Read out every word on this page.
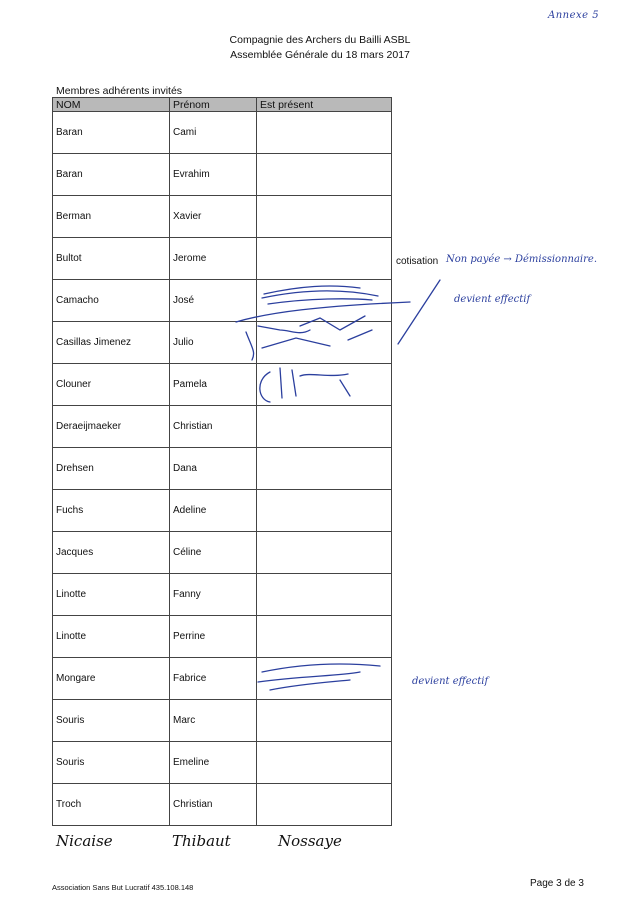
Annexe 5
Compagnie des Archers du Bailli ASBL
Assemblée Générale du 18 mars 2017
Membres adhérents invités
NOM	Prénom	Est présent
Baran	Cami	
Baran	Evrahim	
Berman	Xavier	
Bultot	Jerome	
Camacho	José	
Casillas Jimenez	Julio	
Clouner	Pamela	
Deraeijmaeker	Christian	
Drehsen	Dana	
Fuchs	Adeline	
Jacques	Céline	
Linotte	Fanny	
Linotte	Perrine	
Mongare	Fabrice	
Souris	Marc	
Souris	Emeline	
Troch	Christian	
cotisation Non payée → Démissionnaire.
devient effectif
devient effectif
Nicaise	Thibaut	Nossaye
Association Sans But Lucratif 435.108.148	Page 3 de 3
